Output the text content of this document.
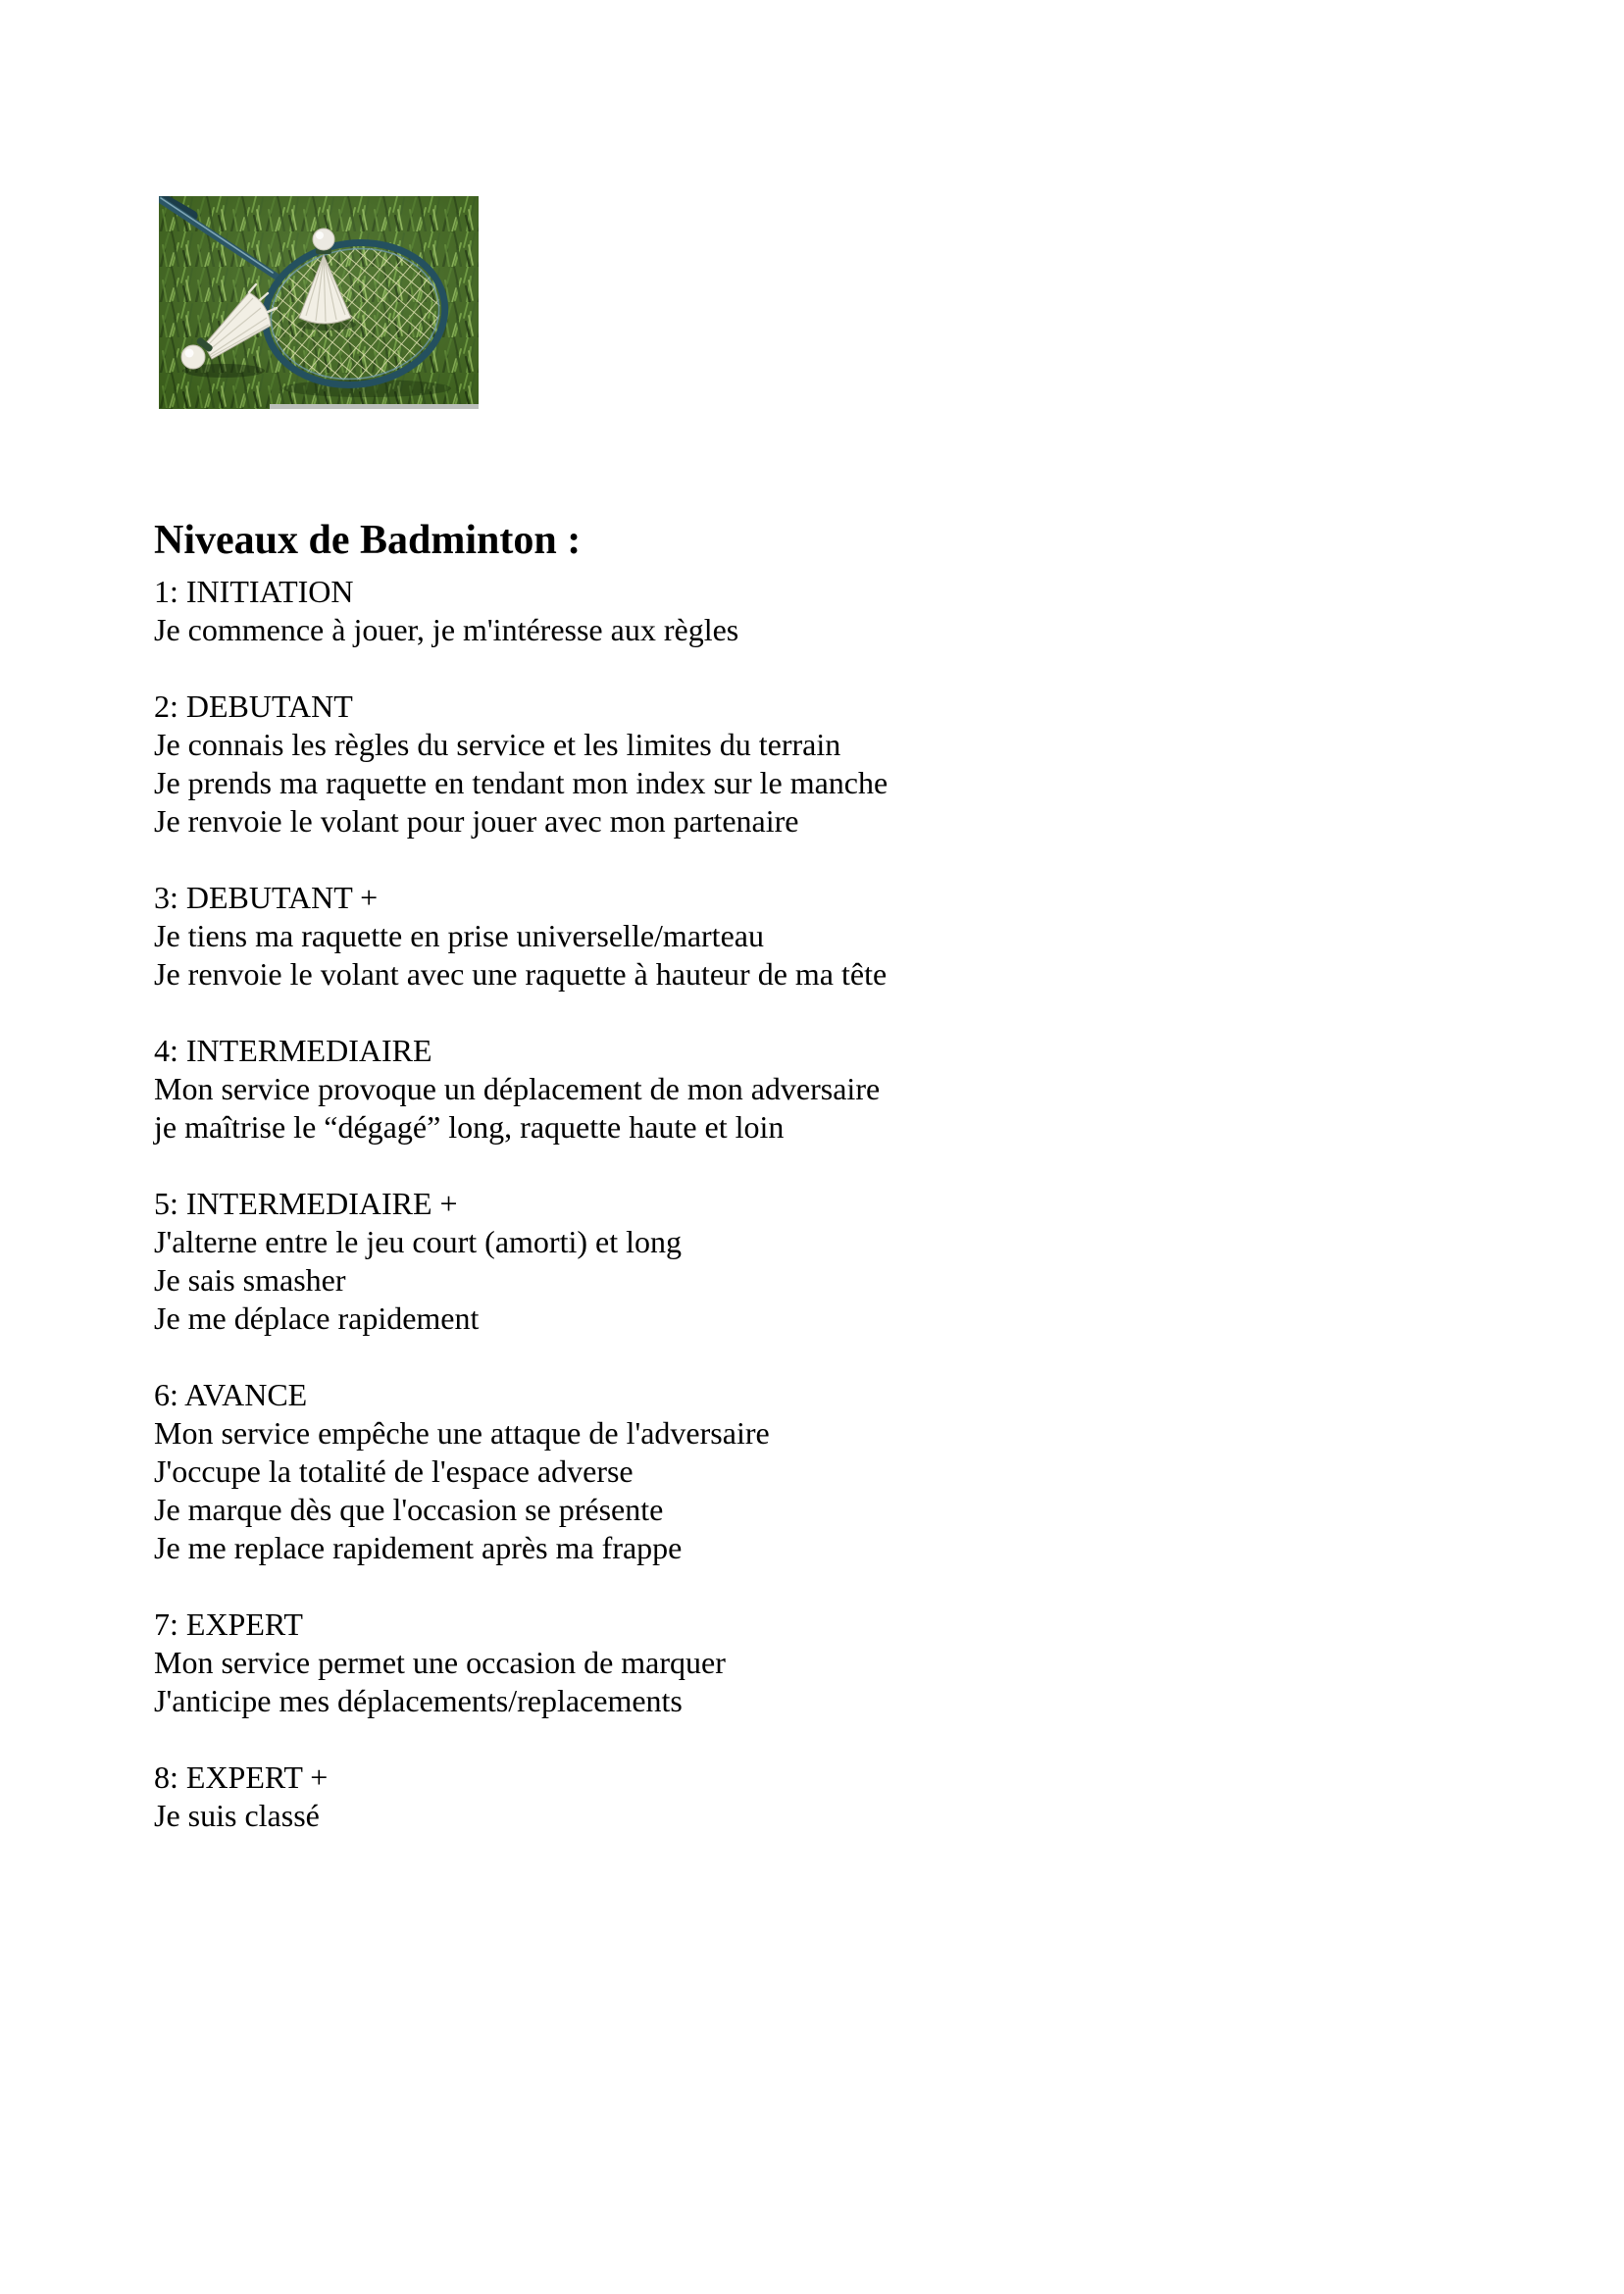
Niveaux de Badminton :
1: INITIATION
Je commence à jouer, je m'intéresse aux règles
2: DEBUTANT
Je connais les règles du service et les limites du terrain
Je prends ma raquette en tendant mon index sur le manche
Je renvoie le volant pour jouer avec mon partenaire
3: DEBUTANT +
Je tiens ma raquette en prise universelle/marteau
Je renvoie le volant avec une raquette à hauteur de ma tête
4: INTERMEDIAIRE
Mon service provoque un déplacement de mon adversaire
je maîtrise le “dégagé” long, raquette haute et loin
5: INTERMEDIAIRE +
J'alterne entre le jeu court (amorti) et long
Je sais smasher
Je me déplace rapidement
6: AVANCE
Mon service empêche une attaque de l'adversaire
J'occupe la totalité de l'espace adverse
Je marque dès que l'occasion se présente
Je me replace rapidement après ma frappe
7: EXPERT
Mon service permet une occasion de marquer
J'anticipe mes déplacements/replacements
8: EXPERT +
Je suis classé
